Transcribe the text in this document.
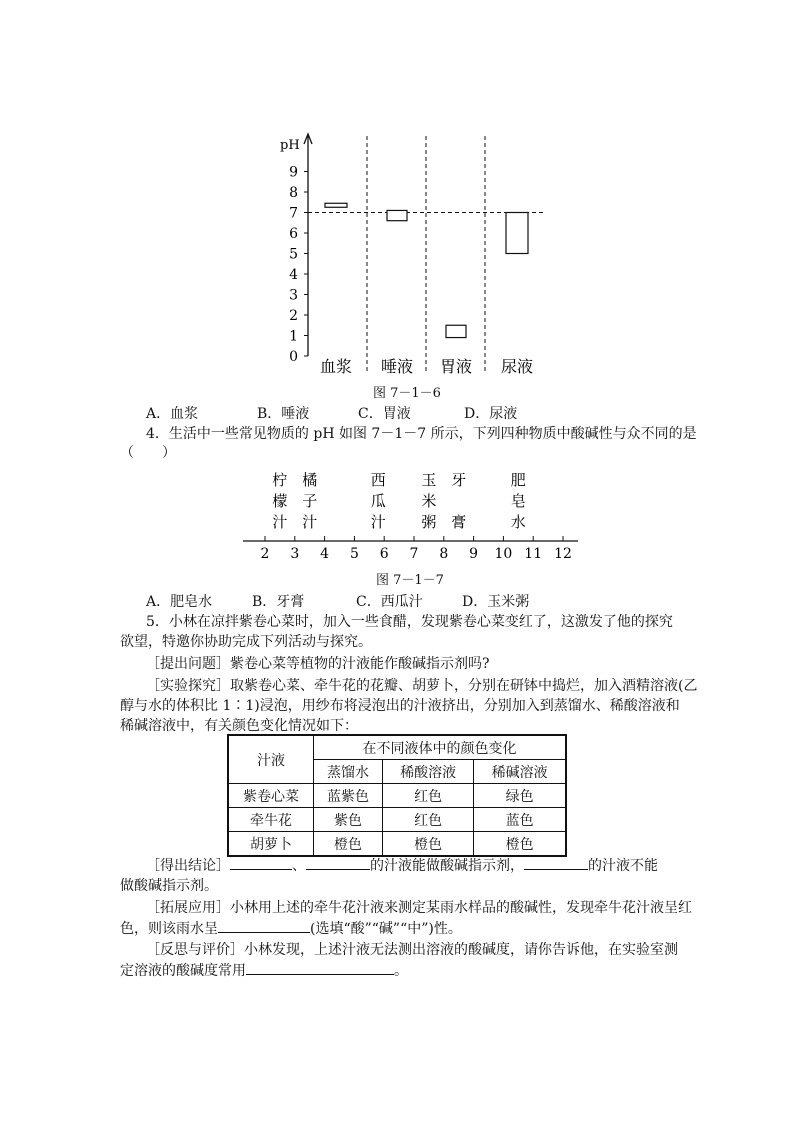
pH
0
1
2
3
4
5
6
7
8
9
血浆 唾液 胃液 尿液
图 7－1－6
A．血浆	B．唾液	C．胃液	D．尿液
4．生活中一些常见物质的 pH 如图 7－1－7 所示，下列四种物质中酸碱性与众不同的是
（　　）
2 3 4 5 6 7 8 9 10 11 12
柠
檬
汁
橘
子
汁
西
瓜
汁
玉
米
粥
牙
膏
肥
皂
水
图 7－1－7
A．肥皂水	B．牙膏	C．西瓜汁	D．玉米粥
5．小林在凉拌紫卷心菜时，加入一些食醋，发现紫卷心菜变红了，这激发了他的探究
欲望，特邀你协助完成下列活动与探究。
［提出问题］紫卷心菜等植物的汁液能作酸碱指示剂吗?
［实验探究］取紫卷心菜、牵牛花的花瓣、胡萝卜，分别在研钵中捣烂，加入酒精溶液(乙
醇与水的体积比 1∶1)浸泡，用纱布将浸泡出的汁液挤出，分别加入到蒸馏水、稀酸溶液和
稀碱溶液中，有关颜色变化情况如下：
汁液	在不同液体中的颜色变化		
	蒸馏水	稀酸溶液	稀碱溶液
紫卷心菜	蓝紫色	红色	绿色
牵牛花	紫色	红色	蓝色
胡萝卜	橙色	橙色	橙色
［得出结论］	、	的汁液能做酸碱指示剂，	的汁液不能
做酸碱指示剂。
［拓展应用］小林用上述的牵牛花汁液来测定某雨水样品的酸碱性，发现牵牛花汁液呈红
色，则该雨水呈	(选填“酸”“碱”“中”)性。
［反思与评价］小林发现，上述汁液无法测出溶液的酸碱度，请你告诉他，在实验室测
定溶液的酸碱度常用	。
